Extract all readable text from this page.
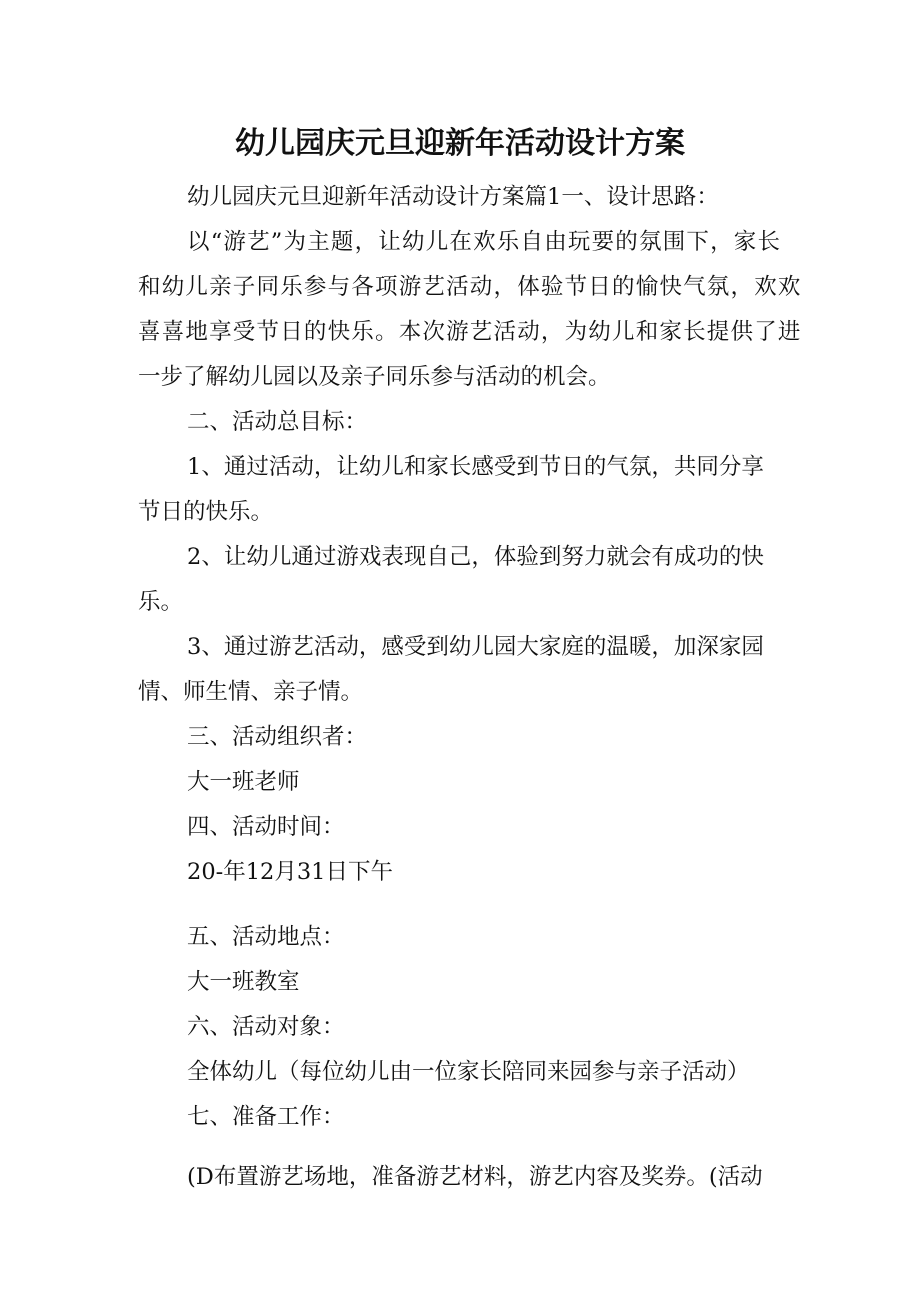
幼儿园庆元旦迎新年活动设计方案
幼儿园庆元旦迎新年活动设计方案篇1一、设计思路：
以“游艺”为主题，让幼儿在欢乐自由玩要的氛围下，家长
和幼儿亲子同乐参与各项游艺活动，体验节日的愉快气氛，欢欢
喜喜地享受节日的快乐。本次游艺活动，为幼儿和家长提供了进
一步了解幼儿园以及亲子同乐参与活动的机会。
二、活动总目标：
1、通过活动，让幼儿和家长感受到节日的气氛，共同分享
节日的快乐。
2、让幼儿通过游戏表现自己，体验到努力就会有成功的快
乐。
3、通过游艺活动，感受到幼儿园大家庭的温暖，加深家园
情、师生情、亲子情。
三、活动组织者：
大一班老师
四、活动时间：
20-年12月31日下午
五、活动地点：
大一班教室
六、活动对象：
全体幼儿（每位幼儿由一位家长陪同来园参与亲子活动）
七、准备工作：
(D布置游艺场地，准备游艺材料，游艺内容及奖券。(活动
